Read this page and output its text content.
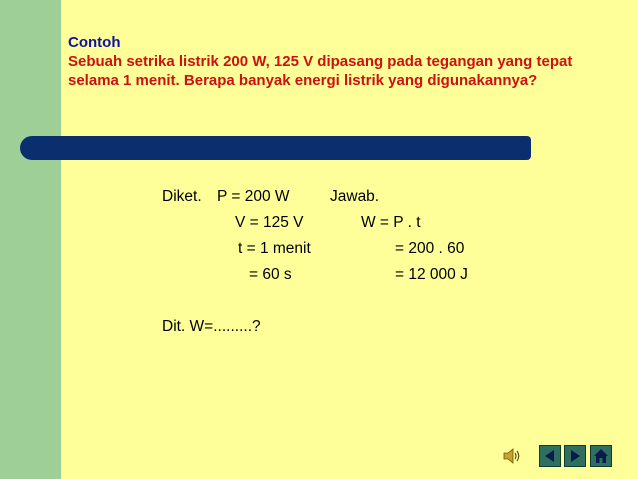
Contoh
Sebuah setrika listrik 200 W, 125 V dipasang pada tegangan yang tepat selama 1 menit. Berapa banyak energi listrik yang digunakannya?
Diket. P = 200 W
V = 125 V
t = 1 menit
= 60 s
Jawab.
W = P . t
= 200 . 60
= 12 000 J
Dit. W=.........?
